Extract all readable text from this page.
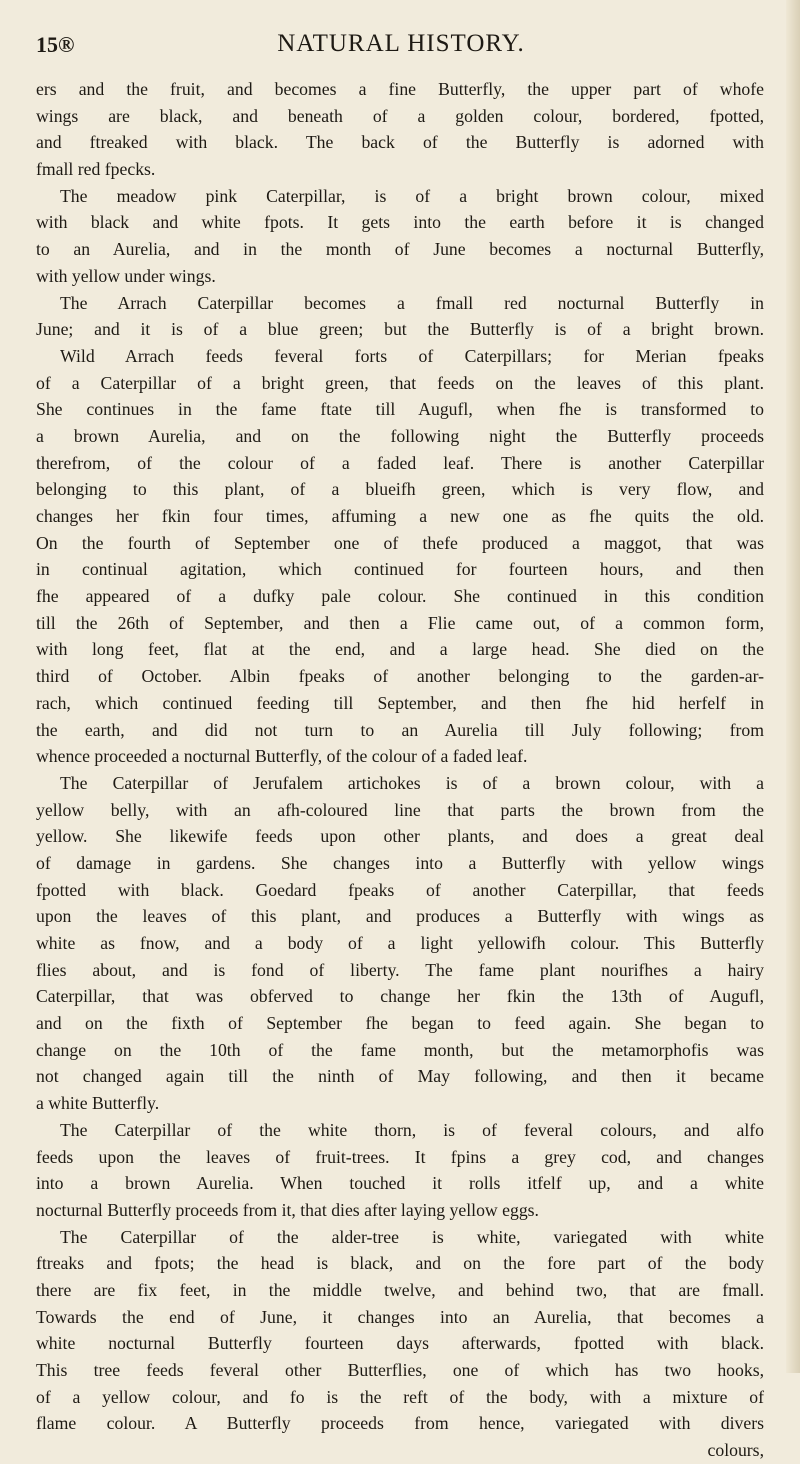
15®	NATURAL HISTORY.
ers and the fruit, and becomes a fine Butterfly, the upper part of whofe
wings are black, and beneath of a golden colour, bordered, fpotted,
and ftreaked with black. The back of the Butterfly is adorned with
fmall red fpecks.
The meadow pink Caterpillar, is of a bright brown colour, mixed
with black and white fpots. It gets into the earth before it is changed
to an Aurelia, and in the month of June becomes a nocturnal Butterfly,
with yellow under wings.
The Arrach Caterpillar becomes a fmall red nocturnal Butterfly in
June; and it is of a blue green; but the Butterfly is of a bright brown.
Wild Arrach feeds feveral forts of Caterpillars; for Merian fpeaks
of a Caterpillar of a bright green, that feeds on the leaves of this plant.
She continues in the fame ftate till Augufl, when fhe is transformed to
a brown Aurelia, and on the following night the Butterfly proceeds
therefrom, of the colour of a faded leaf. There is another Caterpillar
belonging to this plant, of a blueifh green, which is very flow, and
changes her fkin four times, affuming a new one as fhe quits the old.
On the fourth of September one of thefe produced a maggot, that was
in continual agitation, which continued for fourteen hours, and then
fhe appeared of a dufky pale colour. She continued in this condition
till the 26th of September, and then a Flie came out, of a common form,
with long feet, flat at the end, and a large head. She died on the
third of October. Albin fpeaks of another belonging to the garden-ar-
rach, which continued feeding till September, and then fhe hid herfelf in
the earth, and did not turn to an Aurelia till July following; from
whence proceeded a nocturnal Butterfly, of the colour of a faded leaf.
The Caterpillar of Jerufalem artichokes is of a brown colour, with a
yellow belly, with an afh-coloured line that parts the brown from the
yellow. She likewife feeds upon other plants, and does a great deal
of damage in gardens. She changes into a Butterfly with yellow wings
fpotted with black. Goedard fpeaks of another Caterpillar, that feeds
upon the leaves of this plant, and produces a Butterfly with wings as
white as fnow, and a body of a light yellowifh colour. This Butterfly
flies about, and is fond of liberty. The fame plant nourifhes a hairy
Caterpillar, that was obferved to change her fkin the 13th of Augufl,
and on the fixth of September fhe began to feed again. She began to
change on the 10th of the fame month, but the metamorphofis was
not changed again till the ninth of May following, and then it became
a white Butterfly.
The Caterpillar of the white thorn, is of feveral colours, and alfo
feeds upon the leaves of fruit-trees. It fpins a grey cod, and changes
into a brown Aurelia. When touched it rolls itfelf up, and a white
nocturnal Butterfly proceeds from it, that dies after laying yellow eggs.
The Caterpillar of the alder-tree is white, variegated with white
ftreaks and fpots; the head is black, and on the fore part of the body
there are fix feet, in the middle twelve, and behind two, that are fmall.
Towards the end of June, it changes into an Aurelia, that becomes a
white nocturnal Butterfly fourteen days afterwards, fpotted with black.
This tree feeds feveral other Butterflies, one of which has two hooks,
of a yellow colour, and fo is the reft of the body, with a mixture of
flame colour. A Butterfly proceeds from hence, variegated with divers
colours,
